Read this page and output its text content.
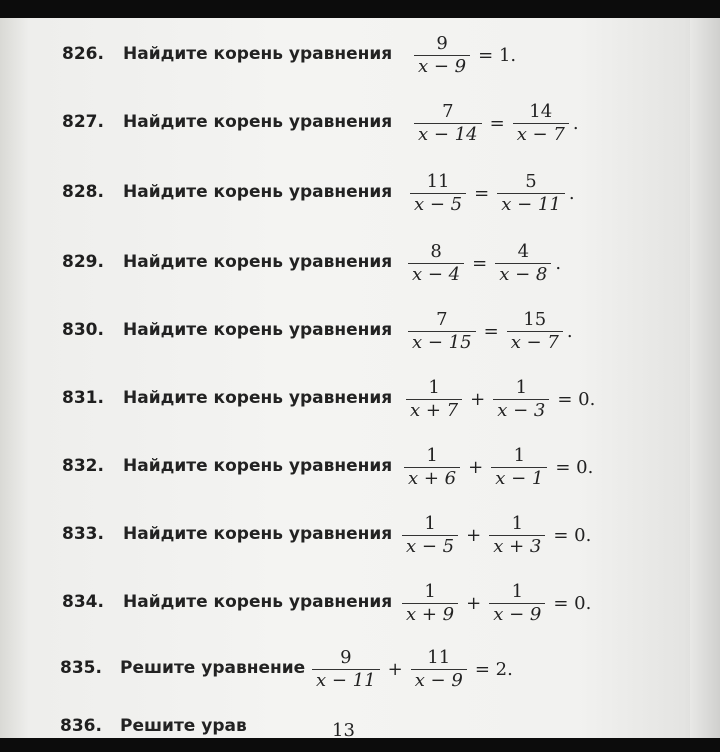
826. Найдите корень уравнения $\frac{9}{x - 9} = 1$.
827. Найдите корень уравнения $\frac{7}{x - 14} = \frac{14}{x - 7}$ .
828. Найдите корень уравнения $\frac{11}{x - 5} = \frac{5}{x - 11}$ .
829. Найдите корень уравнения $\frac{8}{x - 4} = \frac{4}{x - 8}$ .
830. Найдите корень уравнения $\frac{7}{x - 15} = \frac{15}{x - 7}$ .
831. Найдите корень уравнения $\frac{1}{x + 7} + \frac{1}{x - 3} = 0$.
832. Найдите корень уравнения $\frac{1}{x + 6} + \frac{1}{x - 1} = 0$.
833. Найдите корень уравнения $\frac{1}{x - 5} + \frac{1}{x + 3} = 0$.
834. Найдите корень уравнения $\frac{1}{x + 9} + \frac{1}{x - 9} = 0$.
835. Решите уравнение $\frac{9}{x - 11} + \frac{11}{x - 9} = 2$.
836. Решите урав	13
